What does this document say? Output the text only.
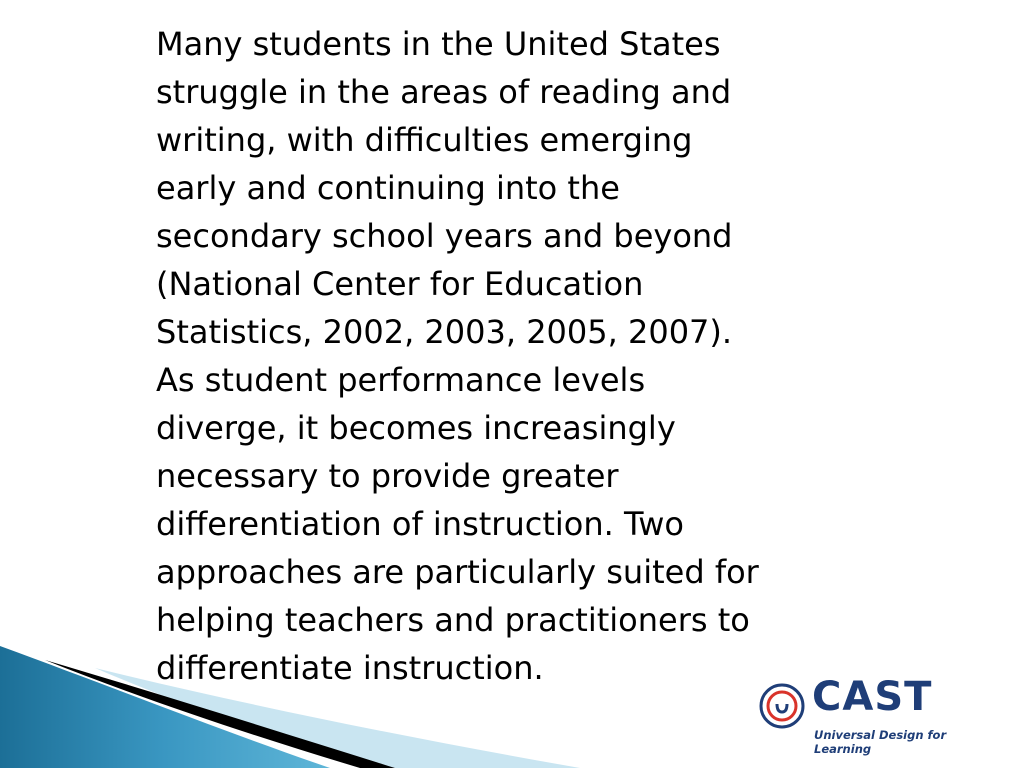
Many students in the United States
struggle in the areas of reading and
writing, with difficulties emerging
early and continuing into the
secondary school years and beyond
(National Center for Education
Statistics, 2002, 2003, 2005, 2007).
As student performance levels
diverge, it becomes increasingly
necessary to provide greater
differentiation of instruction. Two
approaches are particularly suited for
helping teachers and practitioners to
differentiate instruction.

CAST
Universal Design for Learning
